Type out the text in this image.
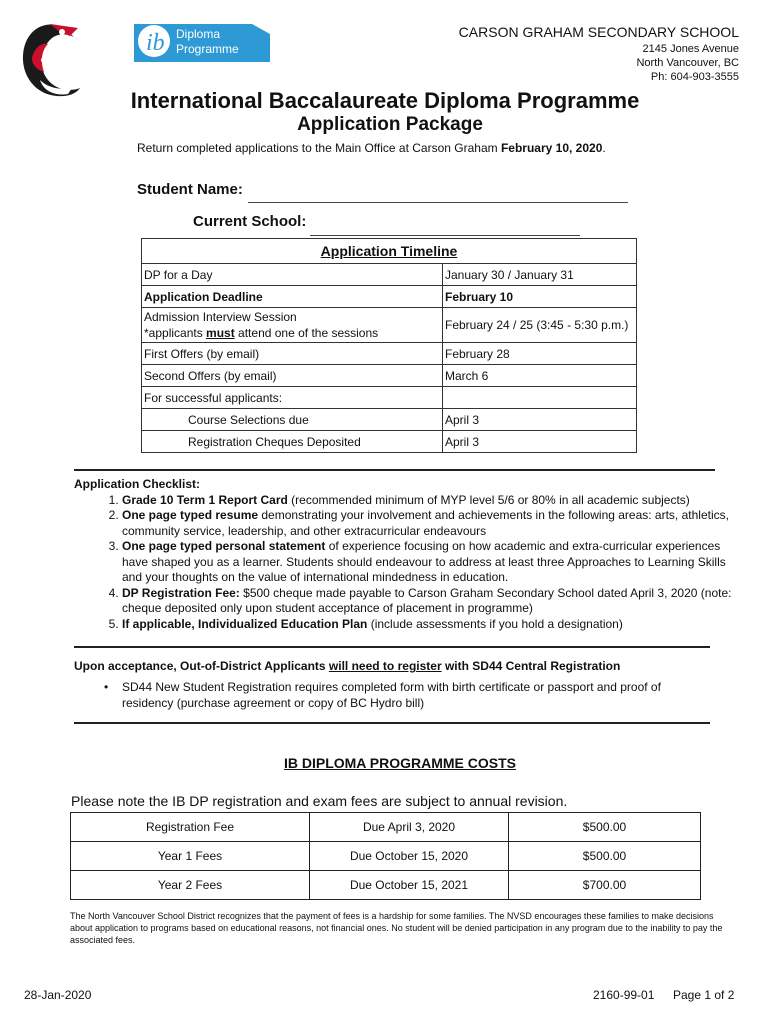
ib Diploma
Programme
CARSON GRAHAM SECONDARY SCHOOL
2145 Jones Avenue
North Vancouver, BC
Ph: 604-903-3555
International Baccalaureate Diploma Programme
Application Package
Return completed applications to the Main Office at Carson Graham February 10, 2020.
Student Name:
Current School:
Application Timeline	
DP for a Day	January 30 / January 31
Application Deadline	February 10

Admission Interview Session
*applicants must attend one of the sessions	February 24 / 25 (3:45 - 5:30 p.m.)
First Offers (by email)	February 28
Second Offers (by email)	March 6
For successful applicants:	
Course Selections due	April 3
Registration Cheques Deposited	April 3
Application Checklist:
1. Grade 10 Term 1 Report Card (recommended minimum of MYP level 5/6 or 80% in all academic subjects)
2. One page typed resume demonstrating your involvement and achievements in the following areas: arts, athletics, community service, leadership, and other extracurricular endeavours
3. One page typed personal statement of experience focusing on how academic and extra-curricular experiences have shaped you as a learner. Students should endeavour to address at least three Approaches to Learning Skills and your thoughts on the value of international mindedness in education.
4. DP Registration Fee: $500 cheque made payable to Carson Graham Secondary School dated April 3, 2020 (note: cheque deposited only upon student acceptance of placement in programme)
5. If applicable, Individualized Education Plan (include assessments if you hold a designation)
Upon acceptance, Out-of-District Applicants will need to register with SD44 Central Registration
•	SD44 New Student Registration requires completed form with birth certificate or passport and proof of residency (purchase agreement or copy of BC Hydro bill)
IB DIPLOMA PROGRAMME COSTS
Please note the IB DP registration and exam fees are subject to annual revision.
Registration Fee	Due April 3, 2020	$500.00
Year 1 Fees	Due October 15, 2020	$500.00
Year 2 Fees	Due October 15, 2021	$700.00
The North Vancouver School District recognizes that the payment of fees is a hardship for some families. The NVSD encourages these families to make decisions about application to programs based on educational reasons, not financial ones. No student will be denied participation in any program due to the inability to pay the associated fees.
28-Jan-2020	2160-99-01 Page 1 of 2
